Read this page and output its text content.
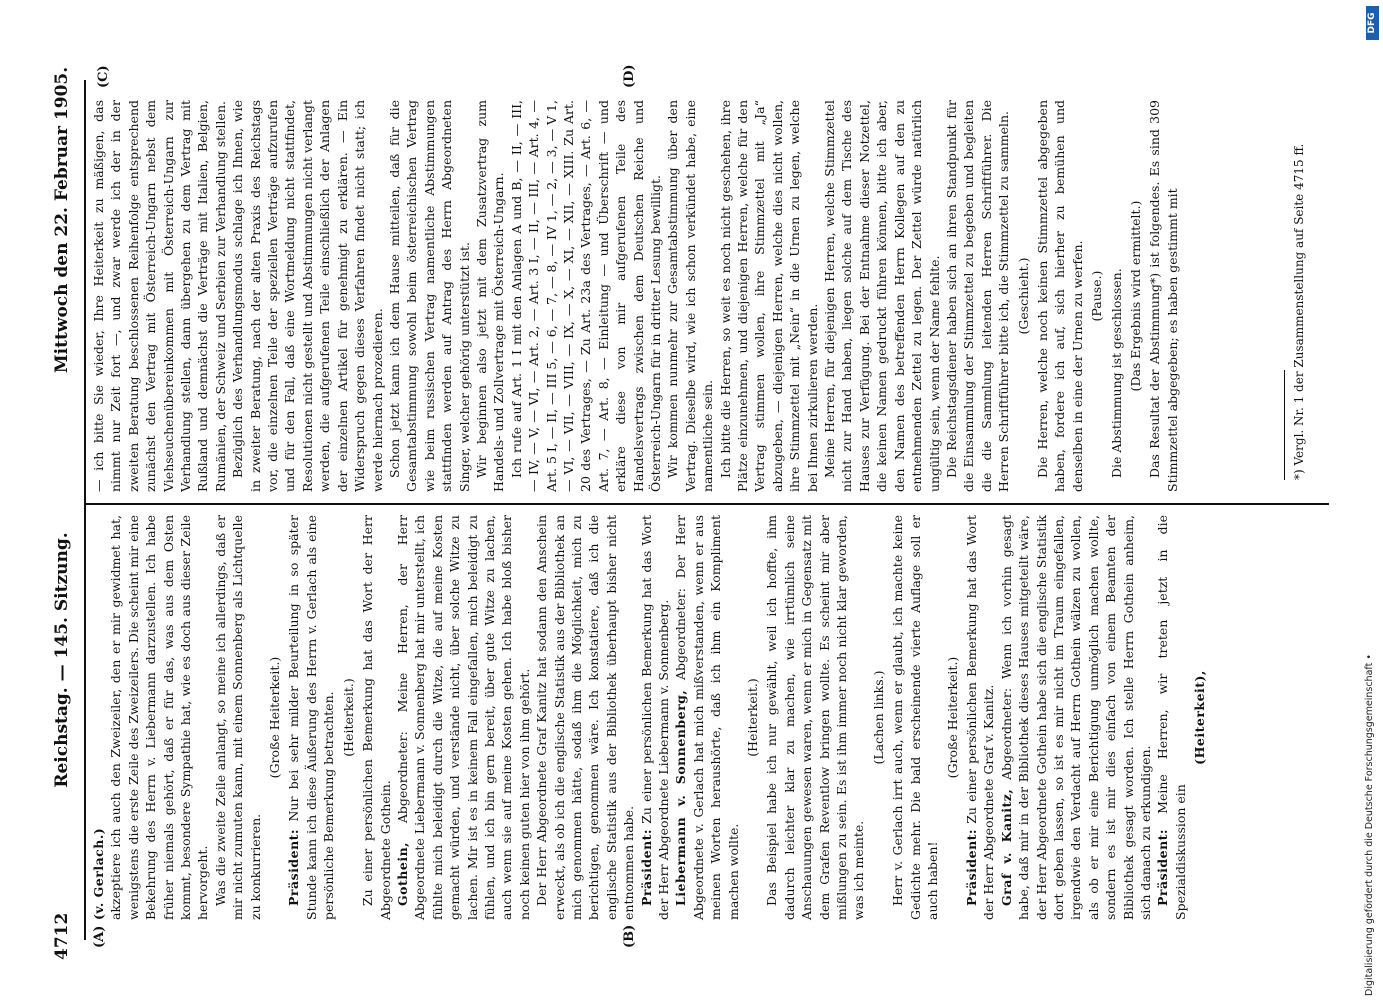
4712
Reichstag. — 145. Sitzung.
Mittwoch den 22. Februar 1905.
(A)	(B)
(C)	(D)

(v. Gerlach.) akzeptiere ich auch den Zweizeiler, den er mir gewidmet hat, wenigstens die erste Zeile des Zweizeilers. Die scheint mir eine Bekehrung des Herrn v. Liebermann darzustellen. Ich habe früher niemals gehört, daß er für das, was aus dem Osten kommt, besondere Sympathie hat, wie es doch aus dieser Zeile hervorgeht. Was die zweite Zeile anlangt, so meine ich allerdings, daß er mir nicht zumuten kann, mit einem Sonnenberg als Lichtquelle zu konkurrieren.

(Große Heiterkeit.)

Präsident: Nur bei sehr milder Beurteilung in so später Stunde kann ich diese Äußerung des Herrn v. Gerlach als eine persönliche Bemerkung betrachten. (Heiterkeit.) Zu einer persönlichen Bemerkung hat das Wort der Herr Abgeordnete Gothein. Gothein, Abgeordneter: Meine Herren, der Herr Abgeordnete Liebermann v. Sonnenberg hat mir unterstellt, ich fühlte mich beleidigt durch die Witze, die auf meine Kosten gemacht würden, und verstände nicht, über solche Witze zu lachen. Mir ist es in keinem Fall eingefallen, mich beleidigt zu fühlen, und ich bin gern bereit, über gute Witze zu lachen, auch wenn sie auf meine Kosten gehen. Ich habe bloß bisher noch keinen guten hier von ihm gehört. Der Herr Abgeordnete Graf Kanitz hat sodann den Anschein erweckt, als ob ich die englische Statistik aus der Bibliothek an mich genommen hätte, sodaß ihm die Möglichkeit, mich zu berichtigen, genommen wäre. Ich konstatiere, daß ich die englische Statistik aus der Bibliothek überhaupt bisher nicht entnommen habe. Präsident: Zu einer persönlichen Bemerkung hat das Wort der Herr Abgeordnete Liebermann v. Sonnenberg. Liebermann v. Sonnenberg, Abgeordneter: Der Herr Abgeordnete v. Gerlach hat mich mißverstanden, wenn er aus meinen Worten heraushörte, daß ich ihm ein Kompliment machen wollte.

(Heiterkeit.) Das Beispiel habe ich nur gewählt, weil ich hoffte, ihm dadurch leichter klar zu machen, wie irrtümlich seine Anschauungen gewesen waren, wenn er mich in Gegensatz mit dem Grafen Reventlow bringen wollte. Es scheint mir aber mißlungen zu sein. Es ist ihm immer noch nicht klar geworden, was ich meinte.

(Lachen links.) Herr v. Gerlach irrt auch, wenn er glaubt, ich machte keine Gedichte mehr. Die bald erscheinende vierte Auflage soll er auch haben!

(Große Heiterkeit.)

Präsident: Zu einer persönlichen Bemerkung hat das Wort der Herr Abgeordnete Graf v. Kanitz. Graf v. Kanitz, Abgeordneter: Wenn ich vorhin gesagt habe, daß mir in der Bibliothek dieses Hauses mitgeteilt wäre, der Herr Abgeordnete Gothein habe sich die englische Statistik dort geben lassen, so ist es mir nicht im Traum eingefallen, irgendwie den Verdacht auf Herrn Gothein wälzen zu wollen, als ob er mir eine Berichtigung unmöglich machen wollte, sondern es ist mir dies einfach von einem Beamten der Bibliothek gesagt worden. Ich stelle Herrn Gothein anheim, sich danach zu erkundigen. Präsident: Meine Herren, wir treten jetzt in die Spezialdiskussion ein

(Heiterkeit),

— ich bitte Sie wieder, Ihre Heiterkeit zu mäßigen, das nimmt nur Zeit fort —, und zwar werde ich der in der zweiten Beratung beschlossenen Reihenfolge entsprechend zunächst den Vertrag mit Österreich-Ungarn nebst dem Viehseuchenübereinkommen mit Österreich-Ungarn zur Verhandlung stellen, dann übergehen zu dem Vertrag mit Rußland und demnächst die Verträge mit Italien, Belgien, Rumänien, der Schweiz und Serbien zur Verhandlung stellen. Bezüglich des Verhandlungsmodus schlage ich Ihnen, wie in zweiter Beratung, nach der alten Praxis des Reichstags vor, die einzelnen Teile der speziellen Verträge aufzurufen und für den Fall, daß eine Wortmeldung nicht stattfindet, Resolutionen nicht gestellt und Abstimmungen nicht verlangt werden, die aufgerufenen Teile einschließlich der Anlagen der einzelnen Artikel für genehmigt zu erklären. — Ein Widerspruch gegen dieses Verfahren findet nicht statt; ich werde hiernach prozedieren. Schon jetzt kann ich dem Hause mitteilen, daß für die Gesamtabstimmung sowohl beim österreichischen Vertrag wie beim russischen Vertrag namentliche Abstimmungen stattfinden werden auf Antrag des Herrn Abgeordneten Singer, welcher gehörig unterstützt ist. Wir beginnen also jetzt mit dem Zusatzvertrag zum Handels- und Zollvertrage mit Österreich-Ungarn. Ich rufe auf Art. 1 I mit den Anlagen A und B, — II, — III, — IV, — V, — VI, — Art. 2, — Art. 3 I, — II, — III, — Art. 4, — Art. 5 I, — II, — III 5, — 6, — 7, — 8, — IV 1, — 2, — 3, — V 1, — VI, — VII, — VIII, — IX, — X, — XI, — XII, — XIII. Zu Art. 20 des Vertrages, — Zu Art. 23a des Vertrages, — Art. 6, — Art. 7, — Art. 8, — Einleitung — und Überschrift — und erkläre diese von mir aufgerufenen Teile des Handelsvertrags zwischen dem Deutschen Reiche und Österreich-Ungarn für in dritter Lesung bewilligt. Wir kommen nunmehr zur Gesamtabstimmung über den Vertrag. Dieselbe wird, wie ich schon verkündet habe, eine namentliche sein. Ich bitte die Herren, so weit es noch nicht geschehen, ihre Plätze einzunehmen, und diejenigen Herren, welche für den Vertrag stimmen wollen, ihre Stimmzettel mit „Ja“ abzugeben, — diejenigen Herren, welche dies nicht wollen, ihre Stimmzettel mit „Nein“ in die Urnen zu legen, welche bei Ihnen zirkulieren werden. Meine Herren, für diejenigen Herren, welche Stimmzettel nicht zur Hand haben, liegen solche auf dem Tische des Hauses zur Verfügung. Bei der Entnahme dieser Notzettel, die keinen Namen gedruckt führen können, bitte ich aber, den Namen des betreffenden Herrn Kollegen auf den zu entnehmenden Zettel zu legen. Der Zettel würde natürlich ungültig sein, wenn der Name fehlte. Die Reichstagsdiener haben sich an ihren Standpunkt für die Einsammlung der Stimmzettel zu begeben und begleiten die die Sammlung leitenden Herren Schriftführer. Die Herren Schriftführer bitte ich, die Stimmzettel zu sammeln. (Geschieht.) Die Herren, welche noch keinen Stimmzettel abgegeben haben, fordere ich auf, sich hierher zu bemühen und denselben in eine der Urnen zu werfen. (Pause.) Die Abstimmung ist geschlossen. (Das Ergebnis wird ermittelt.) Das Resultat der Abstimmung*) ist folgendes. Es sind 309 Stimmzettel abgegeben; es haben gestimmt mit	*) Vergl. Nr. 1 der Zusammenstellung auf Seite 4715 ff.
Digitalisierung gefördert durch die Deutsche Forschungsgemeinschaft •
DFG
